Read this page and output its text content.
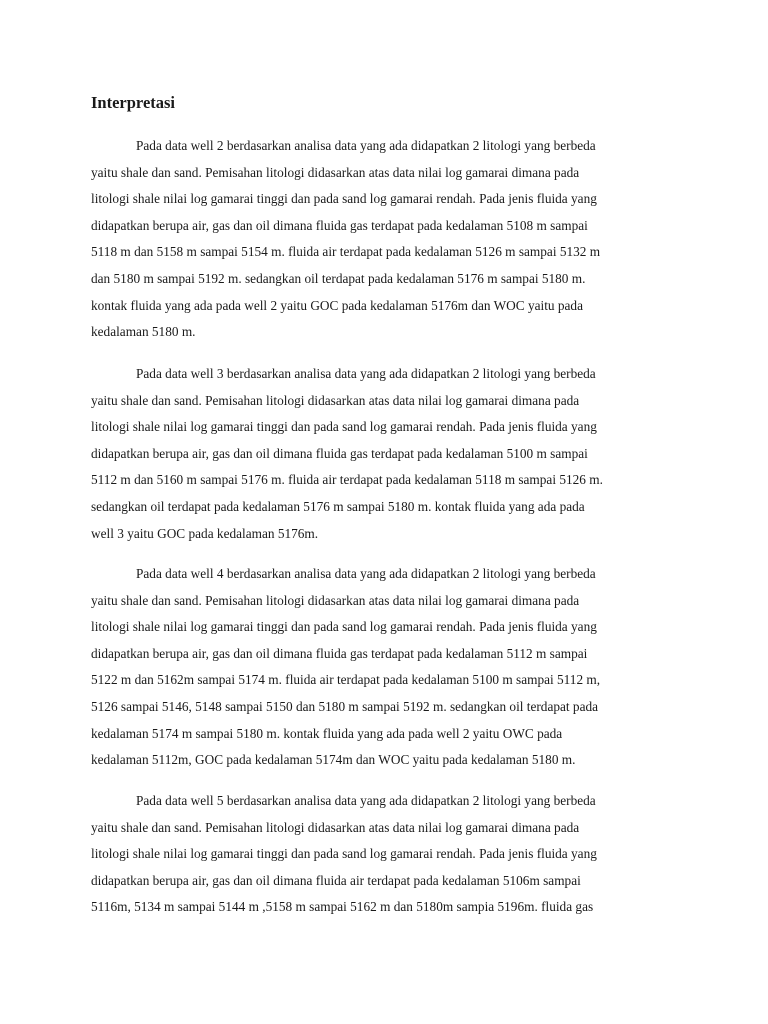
Interpretasi

Pada data well 2 berdasarkan analisa data yang ada didapatkan 2 litologi yang berbeda
yaitu shale dan sand. Pemisahan litologi didasarkan atas data nilai log gamarai dimana pada
litologi shale nilai log gamarai tinggi dan pada sand log gamarai rendah. Pada jenis fluida yang
didapatkan berupa air, gas dan oil dimana fluida gas terdapat pada kedalaman 5108 m sampai
5118 m dan 5158 m sampai 5154 m. fluida air terdapat pada kedalaman 5126 m sampai 5132 m
dan 5180 m sampai 5192 m. sedangkan oil terdapat pada kedalaman 5176 m sampai 5180 m.
kontak fluida yang ada pada well 2 yaitu GOC pada kedalaman 5176m dan WOC yaitu pada
kedalaman 5180 m.

Pada data well 3 berdasarkan analisa data yang ada didapatkan 2 litologi yang berbeda
yaitu shale dan sand. Pemisahan litologi didasarkan atas data nilai log gamarai dimana pada
litologi shale nilai log gamarai tinggi dan pada sand log gamarai rendah. Pada jenis fluida yang
didapatkan berupa air, gas dan oil dimana fluida gas terdapat pada kedalaman 5100 m sampai
5112 m dan 5160 m sampai 5176 m. fluida air terdapat pada kedalaman 5118 m sampai 5126 m.
sedangkan oil terdapat pada kedalaman 5176 m sampai 5180 m. kontak fluida yang ada pada
well 3 yaitu GOC pada kedalaman 5176m.

Pada data well 4 berdasarkan analisa data yang ada didapatkan 2 litologi yang berbeda
yaitu shale dan sand. Pemisahan litologi didasarkan atas data nilai log gamarai dimana pada
litologi shale nilai log gamarai tinggi dan pada sand log gamarai rendah. Pada jenis fluida yang
didapatkan berupa air, gas dan oil dimana fluida gas terdapat pada kedalaman 5112 m sampai
5122 m dan 5162m sampai 5174 m. fluida air terdapat pada kedalaman 5100 m sampai 5112 m,
5126 sampai 5146, 5148 sampai 5150 dan 5180 m sampai 5192 m. sedangkan oil terdapat pada
kedalaman 5174 m sampai 5180 m. kontak fluida yang ada pada well 2 yaitu OWC pada
kedalaman 5112m, GOC pada kedalaman 5174m dan WOC yaitu pada kedalaman 5180 m.

Pada data well 5 berdasarkan analisa data yang ada didapatkan 2 litologi yang berbeda
yaitu shale dan sand. Pemisahan litologi didasarkan atas data nilai log gamarai dimana pada
litologi shale nilai log gamarai tinggi dan pada sand log gamarai rendah. Pada jenis fluida yang
didapatkan berupa air, gas dan oil dimana fluida air terdapat pada kedalaman 5106m sampai
5116m, 5134 m sampai 5144 m ,5158 m sampai 5162 m dan 5180m sampia 5196m. fluida gas
